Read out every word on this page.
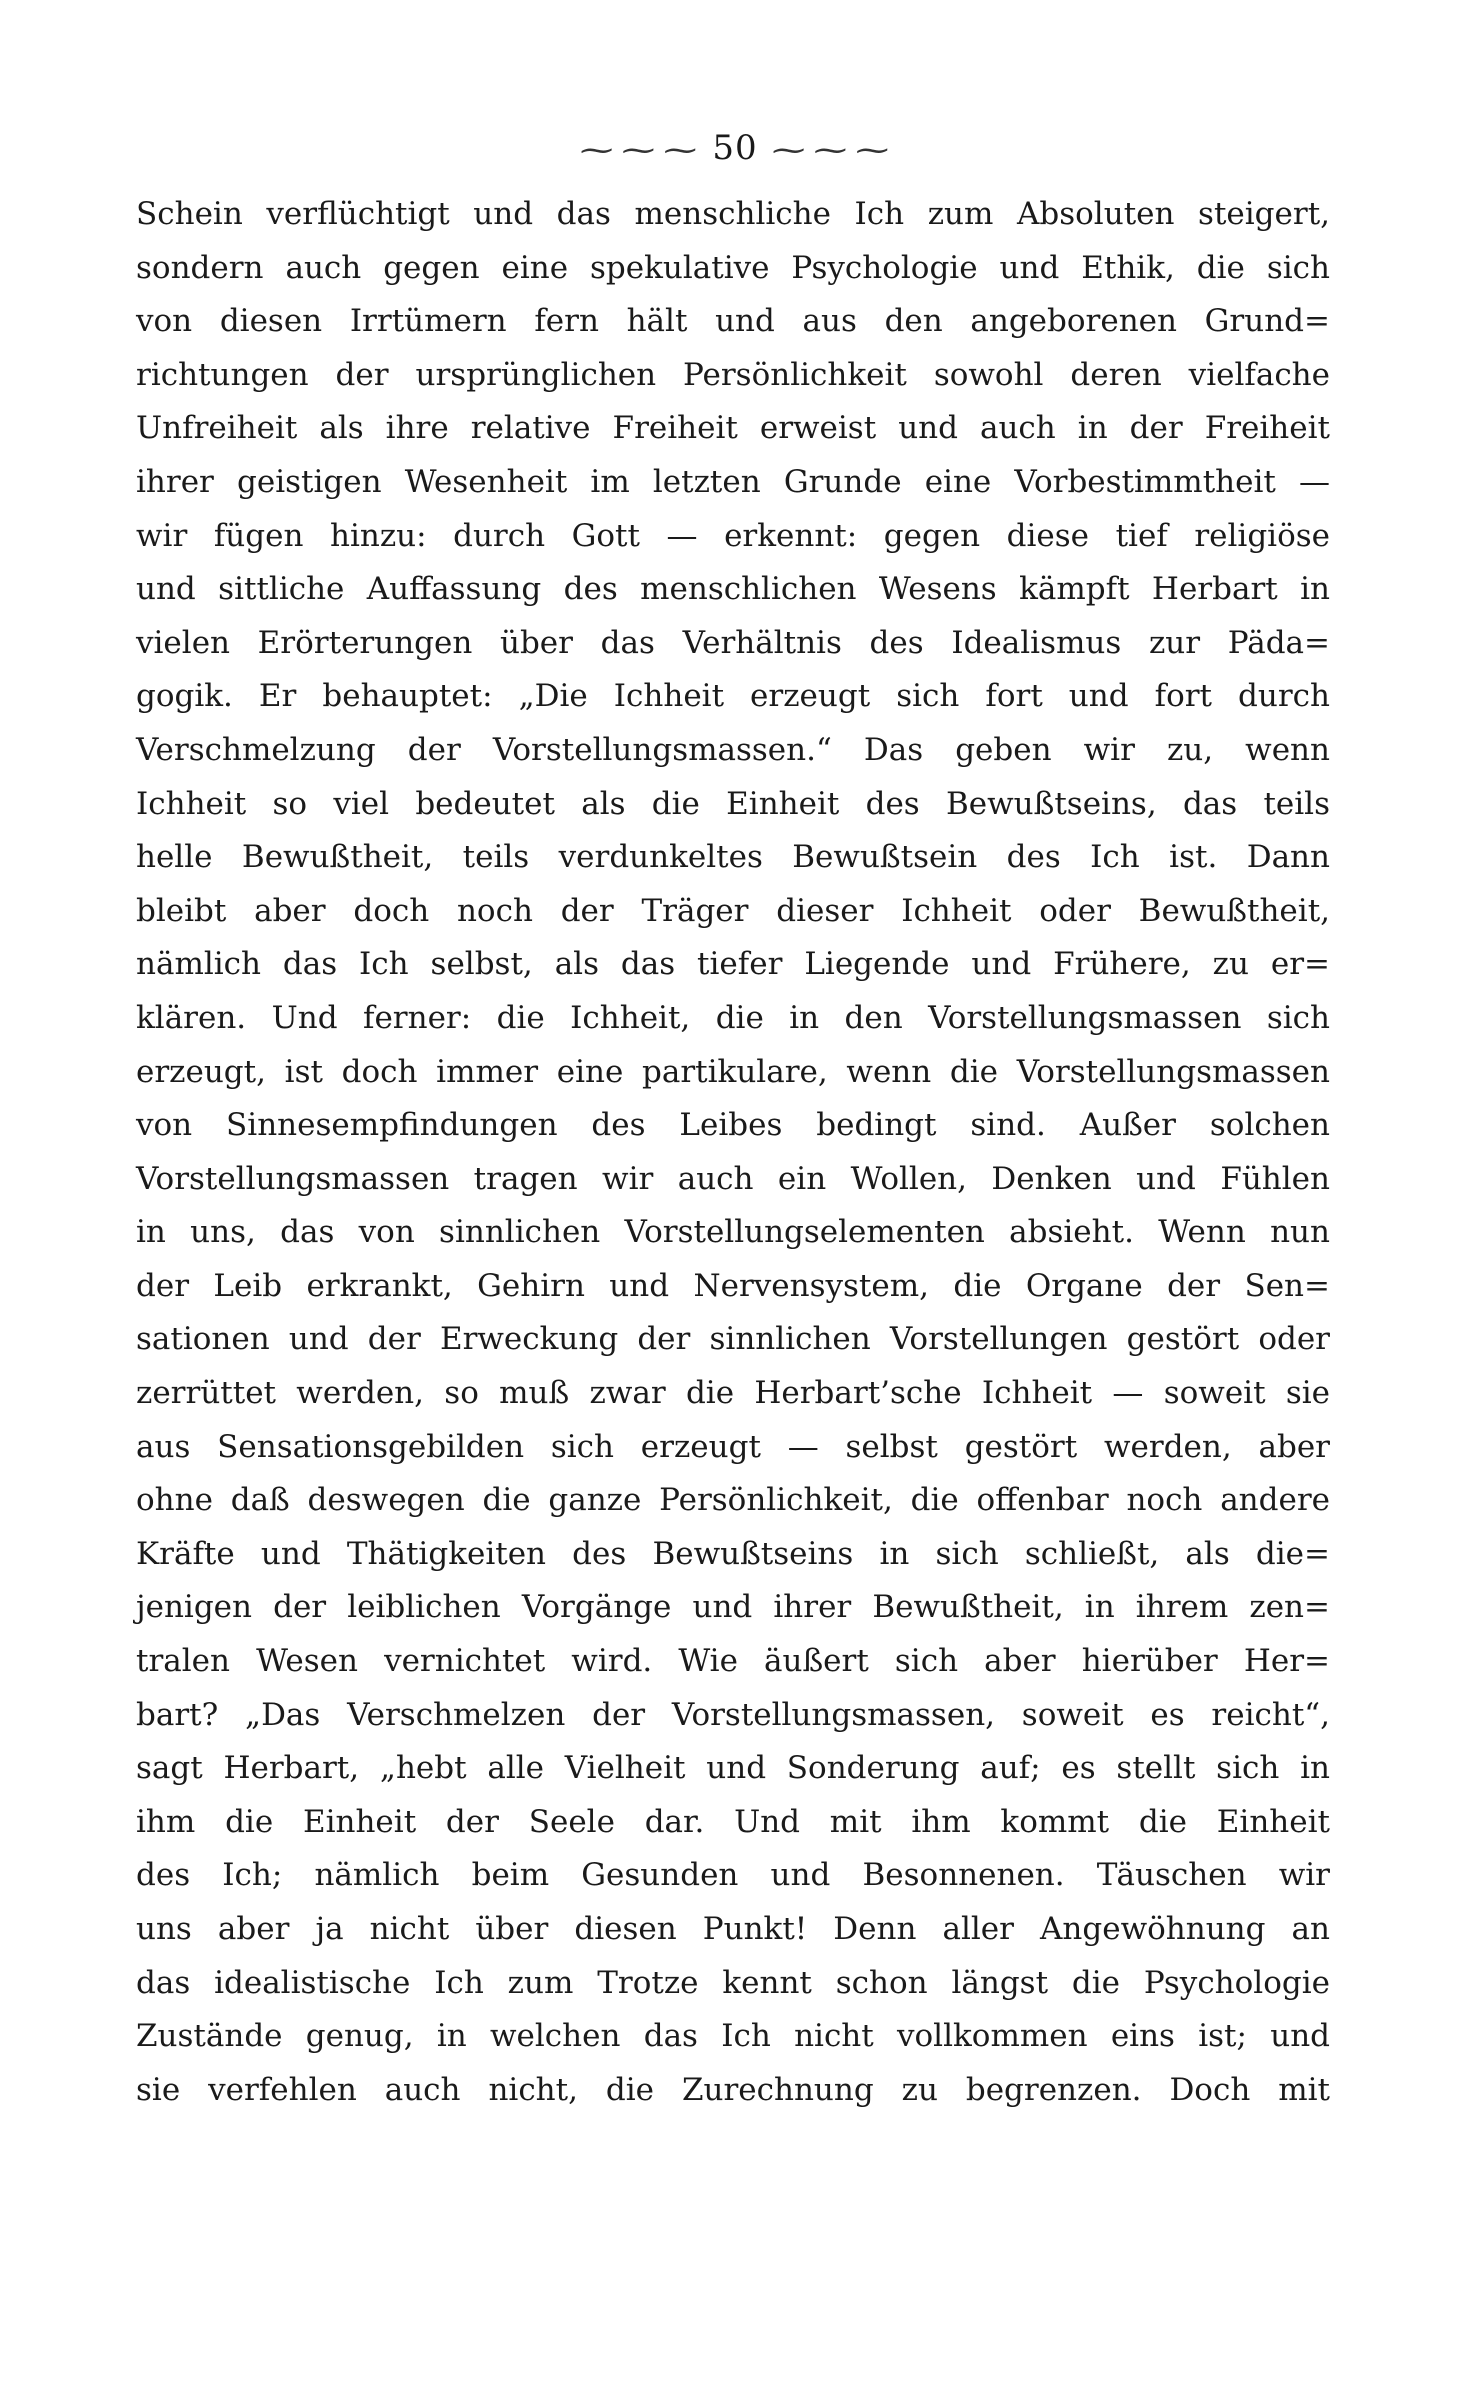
~~~ 50 ~~~
Schein verflüchtigt und das menschliche Ich zum Absoluten steigert,
sondern auch gegen eine spekulative Psychologie und Ethik, die sich
von diesen Irrtümern fern hält und aus den angeborenen Grund=
richtungen der ursprünglichen Persönlichkeit sowohl deren vielfache
Unfreiheit als ihre relative Freiheit erweist und auch in der Freiheit
ihrer geistigen Wesenheit im letzten Grunde eine Vorbestimmtheit —
wir fügen hinzu: durch Gott — erkennt: gegen diese tief religiöse
und sittliche Auffassung des menschlichen Wesens kämpft Herbart in
vielen Erörterungen über das Verhältnis des Idealismus zur Päda=
gogik. Er behauptet: „Die Ichheit erzeugt sich fort und fort durch
Verschmelzung der Vorstellungsmassen.“ Das geben wir zu, wenn
Ichheit so viel bedeutet als die Einheit des Bewußtseins, das teils
helle Bewußtheit, teils verdunkeltes Bewußtsein des Ich ist. Dann
bleibt aber doch noch der Träger dieser Ichheit oder Bewußtheit,
nämlich das Ich selbst, als das tiefer Liegende und Frühere, zu er=
klären. Und ferner: die Ichheit, die in den Vorstellungsmassen sich
erzeugt, ist doch immer eine partikulare, wenn die Vorstellungsmassen
von Sinnesempfindungen des Leibes bedingt sind. Außer solchen
Vorstellungsmassen tragen wir auch ein Wollen, Denken und Fühlen
in uns, das von sinnlichen Vorstellungselementen absieht. Wenn nun
der Leib erkrankt, Gehirn und Nervensystem, die Organe der Sen=
sationen und der Erweckung der sinnlichen Vorstellungen gestört oder
zerrüttet werden, so muß zwar die Herbart’sche Ichheit — soweit sie
aus Sensationsgebilden sich erzeugt — selbst gestört werden, aber
ohne daß deswegen die ganze Persönlichkeit, die offenbar noch andere
Kräfte und Thätigkeiten des Bewußtseins in sich schließt, als die=
jenigen der leiblichen Vorgänge und ihrer Bewußtheit, in ihrem zen=
tralen Wesen vernichtet wird. Wie äußert sich aber hierüber Her=
bart? „Das Verschmelzen der Vorstellungsmassen, soweit es reicht“,
sagt Herbart, „hebt alle Vielheit und Sonderung auf; es stellt sich in
ihm die Einheit der Seele dar. Und mit ihm kommt die Einheit
des Ich; nämlich beim Gesunden und Besonnenen. Täuschen wir
uns aber ja nicht über diesen Punkt! Denn aller Angewöhnung an
das idealistische Ich zum Trotze kennt schon längst die Psychologie
Zustände genug, in welchen das Ich nicht vollkommen eins ist; und
sie verfehlen auch nicht, die Zurechnung zu begrenzen. Doch mit
